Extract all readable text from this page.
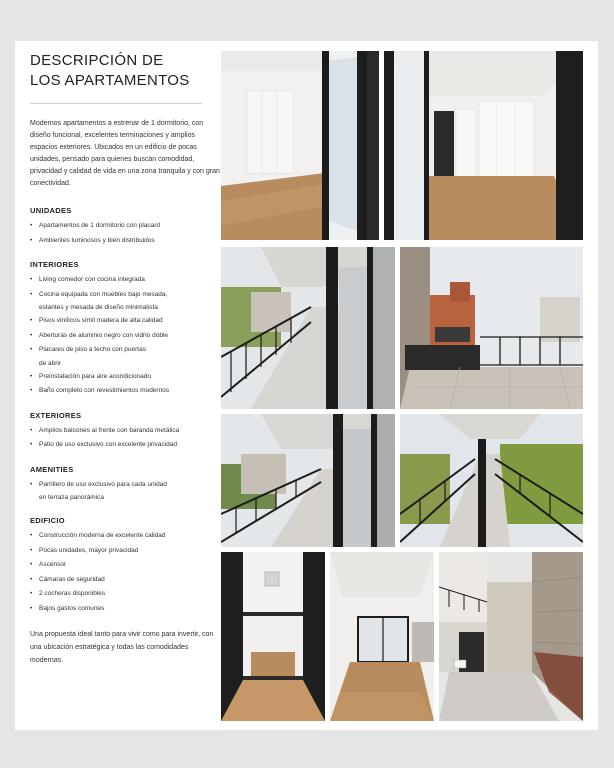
DESCRIPCIÓN DE
LOS APARTAMENTOS

Modernos apartamentos a estrenar de 1 dormitorio, con diseño funcional, excelentes terminaciones y amplios espacios exteriores. Ubicados en un edificio de pocas unidades, pensado para quienes buscan comodidad, privacidad y calidad de vida en una zona tranquila y con gran conectividad.

UNIDADES
• Apartamentos de 1 dormitorio con placard
• Ambientes luminosos y bien distribuidos
INTERIORES
• Living comedor con cocina integrada
• Cocina equipada con muebles bajo mesada,
estantes y mesada de diseño minimalista
• Pisos vinílicos símil madera de alta calidad
• Aberturas de aluminio negro con vidrio doble
• Placares de piso a techo con puertas
de abrir
• Preinstalación para aire acondicionado
• Baño completo con revestimientos modernos
EXTERIORES
• Amplios balcones al frente con baranda metálica
• Patio de uso exclusivo con excelente privacidad
AMENITIES
• Parrillero de uso exclusivo para cada unidad
en terraza panorámica
EDIFICIO
• Construcción moderna de excelente calidad
• Pocas unidades, mayor privacidad
• Ascensor
• Cámaras de seguridad
• 2 cocheras disponibles
• Bajos gastos comunes

Una propuesta ideal tanto para vivir como para invertir, con una ubicación estratégica y todas las comodidades modernas.
